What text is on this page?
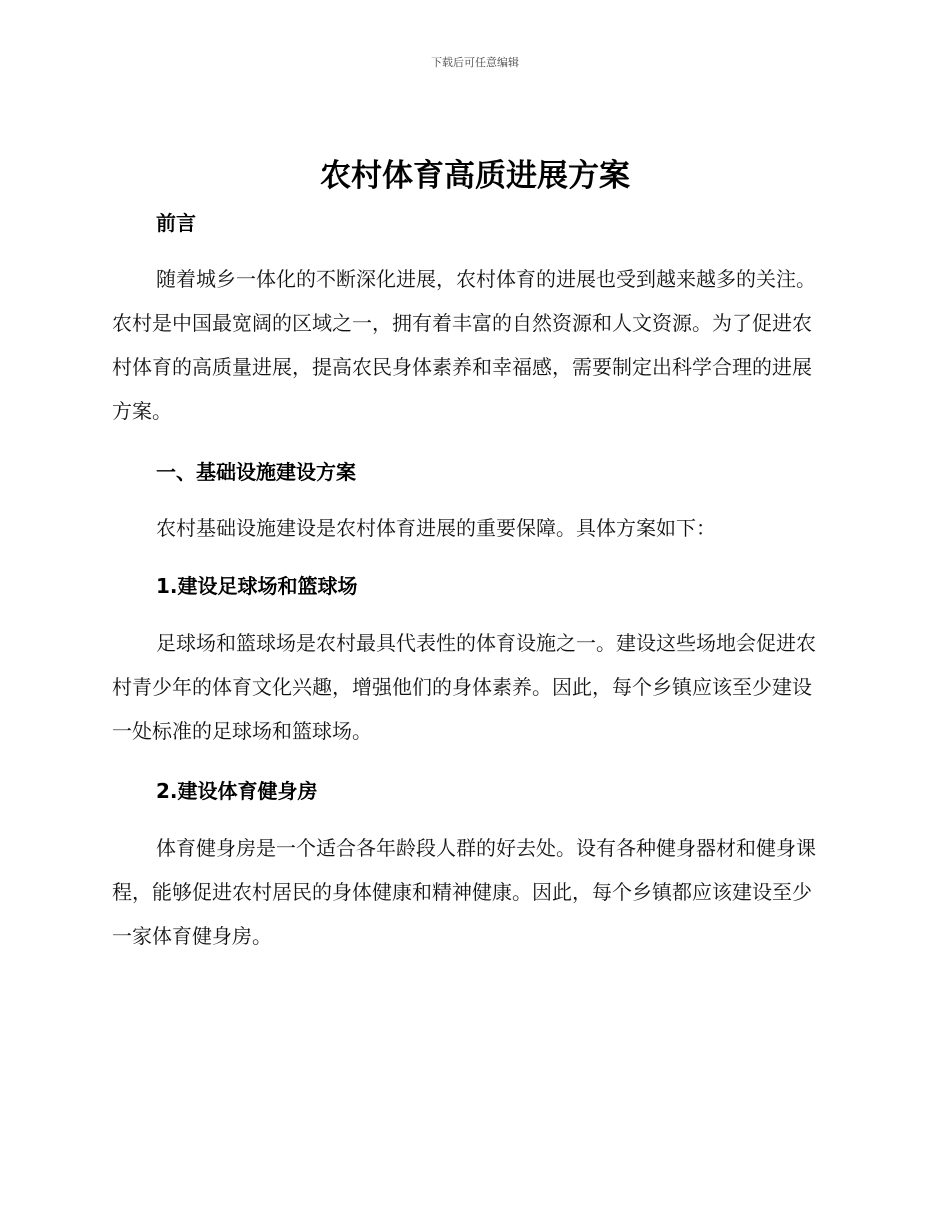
下载后可任意编辑
农村体育高质进展方案
前言

随着城乡一体化的不断深化进展，农村体育的进展也受到越来越多的关注。农村是中国最宽阔的区域之一，拥有着丰富的自然资源和人文资源。为了促进农村体育的高质量进展，提高农民身体素养和幸福感，需要制定出科学合理的进展方案。

一、基础设施建设方案

农村基础设施建设是农村体育进展的重要保障。具体方案如下：

1.建设足球场和篮球场

足球场和篮球场是农村最具代表性的体育设施之一。建设这些场地会促进农村青少年的体育文化兴趣，增强他们的身体素养。因此，每个乡镇应该至少建设一处标准的足球场和篮球场。

2.建设体育健身房

体育健身房是一个适合各年龄段人群的好去处。设有各种健身器材和健身课程，能够促进农村居民的身体健康和精神健康。因此，每个乡镇都应该建设至少一家体育健身房。
